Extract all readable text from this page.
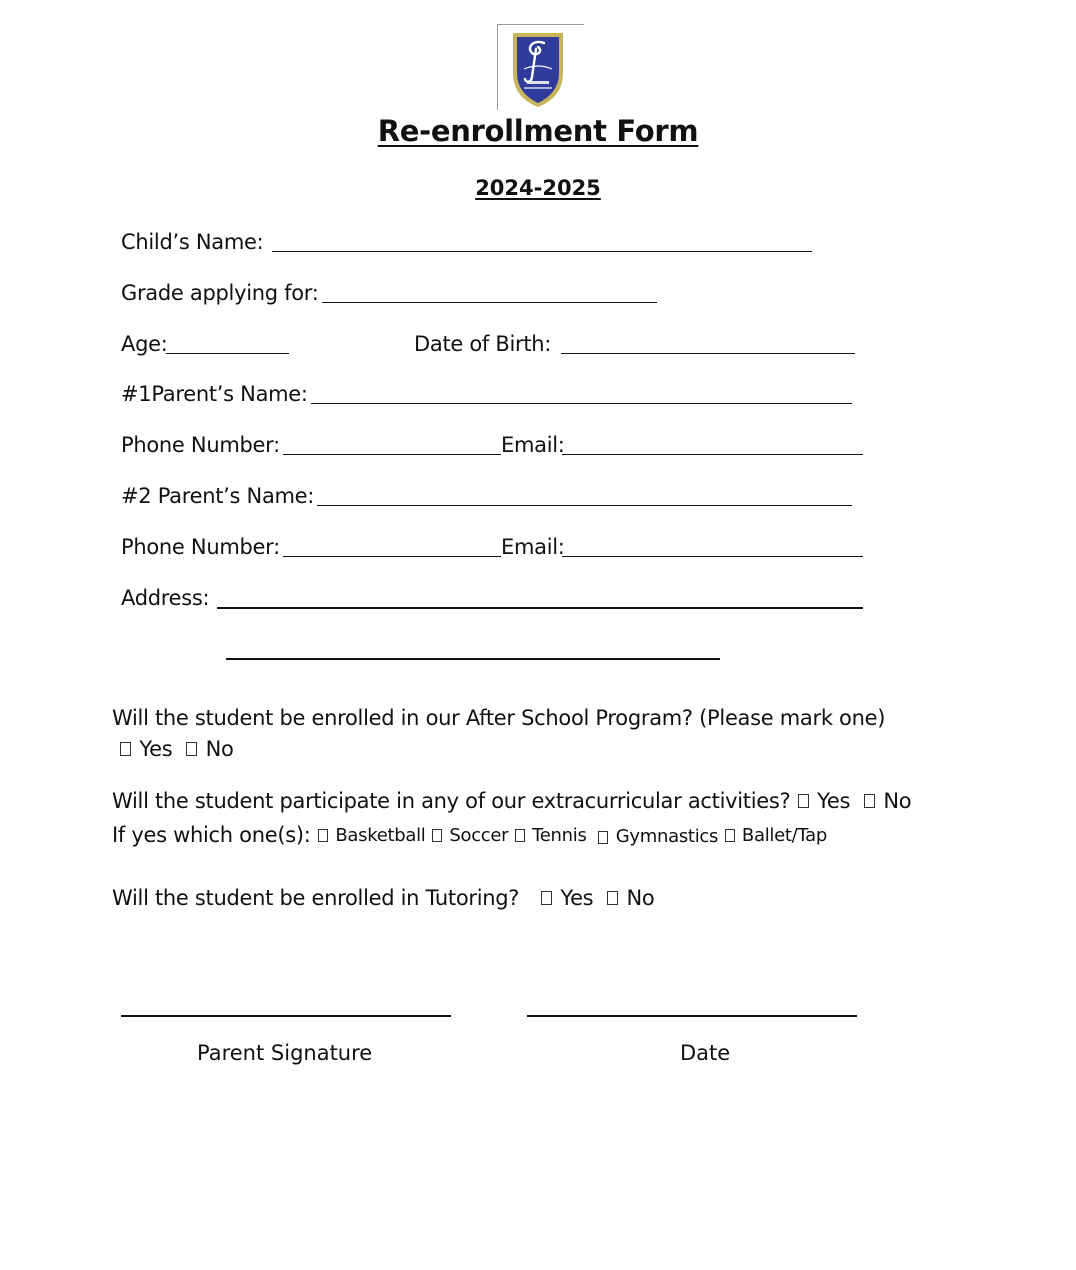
Re-enrollment Form
2024-2025
Child’s Name:
Grade applying for:
Age:	Date of Birth:
#1Parent’s Name:
Phone Number:	Email:
#2 Parent’s Name:
Phone Number:	Email:
Address:
Will the student be enrolled in our After School Program? (Please mark one)

Yes

No
Will the student participate in any of our extracurricular activities?
Yes

No
If yes which one(s):
Basketball

Soccer

Tennis

Gymnastics

Ballet/Tap
Will the student be enrolled in Tutoring?
Yes

No
Parent Signature	Date
